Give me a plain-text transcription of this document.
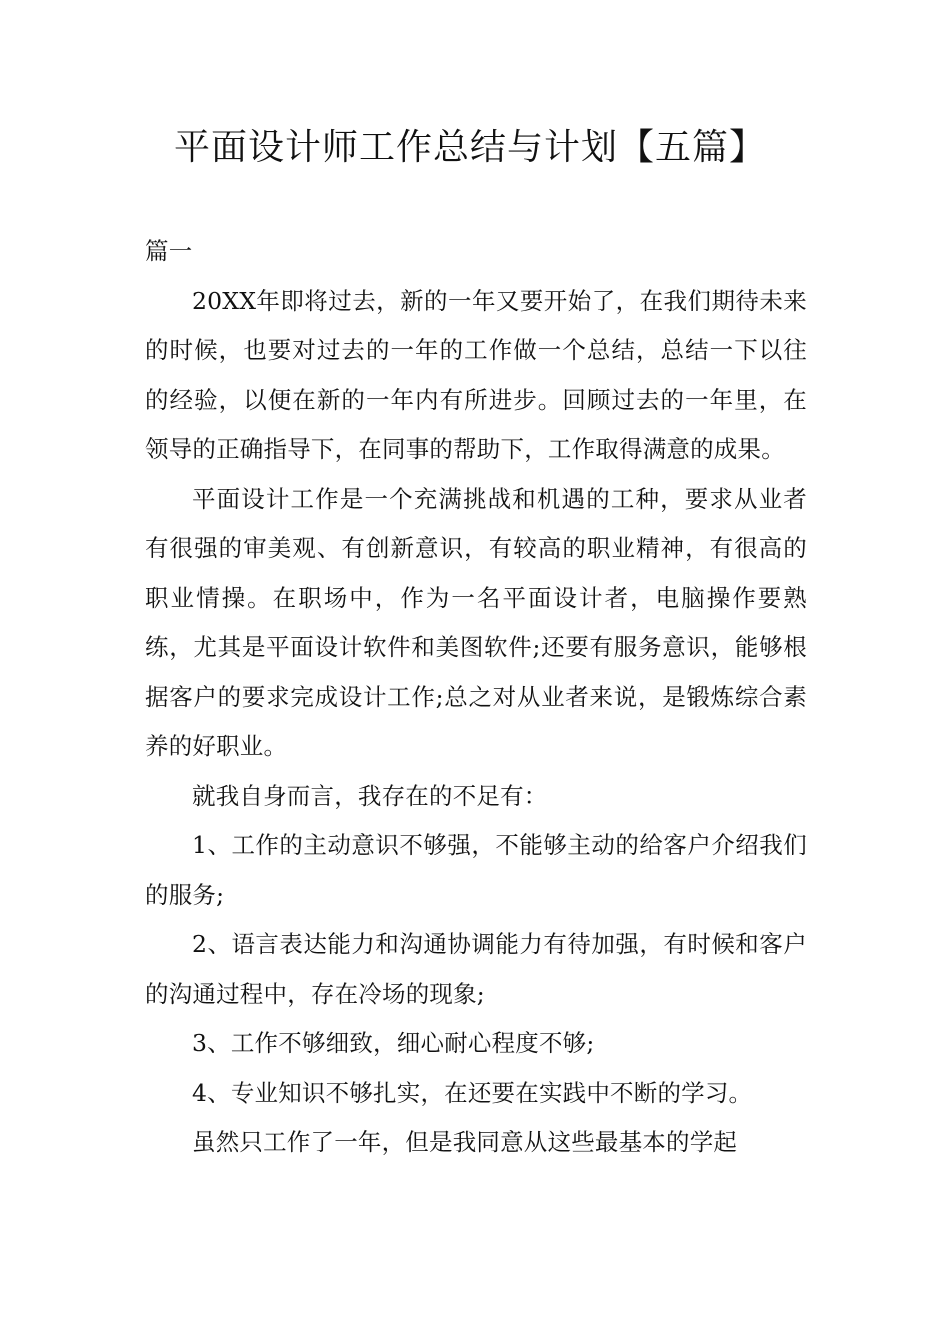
平面设计师工作总结与计划【五篇】

篇一

20XX年即将过去，新的一年又要开始了，在我们期待未来的时候，也要对过去的一年的工作做一个总结，总结一下以往的经验，以便在新的一年内有所进步。回顾过去的一年里，在领导的正确指导下，在同事的帮助下，工作取得满意的成果。

平面设计工作是一个充满挑战和机遇的工种，要求从业者有很强的审美观、有创新意识，有较高的职业精神，有很高的职业情操。在职场中，作为一名平面设计者，电脑操作要熟练，尤其是平面设计软件和美图软件;还要有服务意识，能够根据客户的要求完成设计工作;总之对从业者来说，是锻炼综合素养的好职业。

就我自身而言，我存在的不足有：

1、工作的主动意识不够强，不能够主动的给客户介绍我们的服务;

2、语言表达能力和沟通协调能力有待加强，有时候和客户的沟通过程中，存在冷场的现象;

3、工作不够细致，细心耐心程度不够;

4、专业知识不够扎实，在还要在实践中不断的学习。

虽然只工作了一年，但是我同意从这些最基本的学起
